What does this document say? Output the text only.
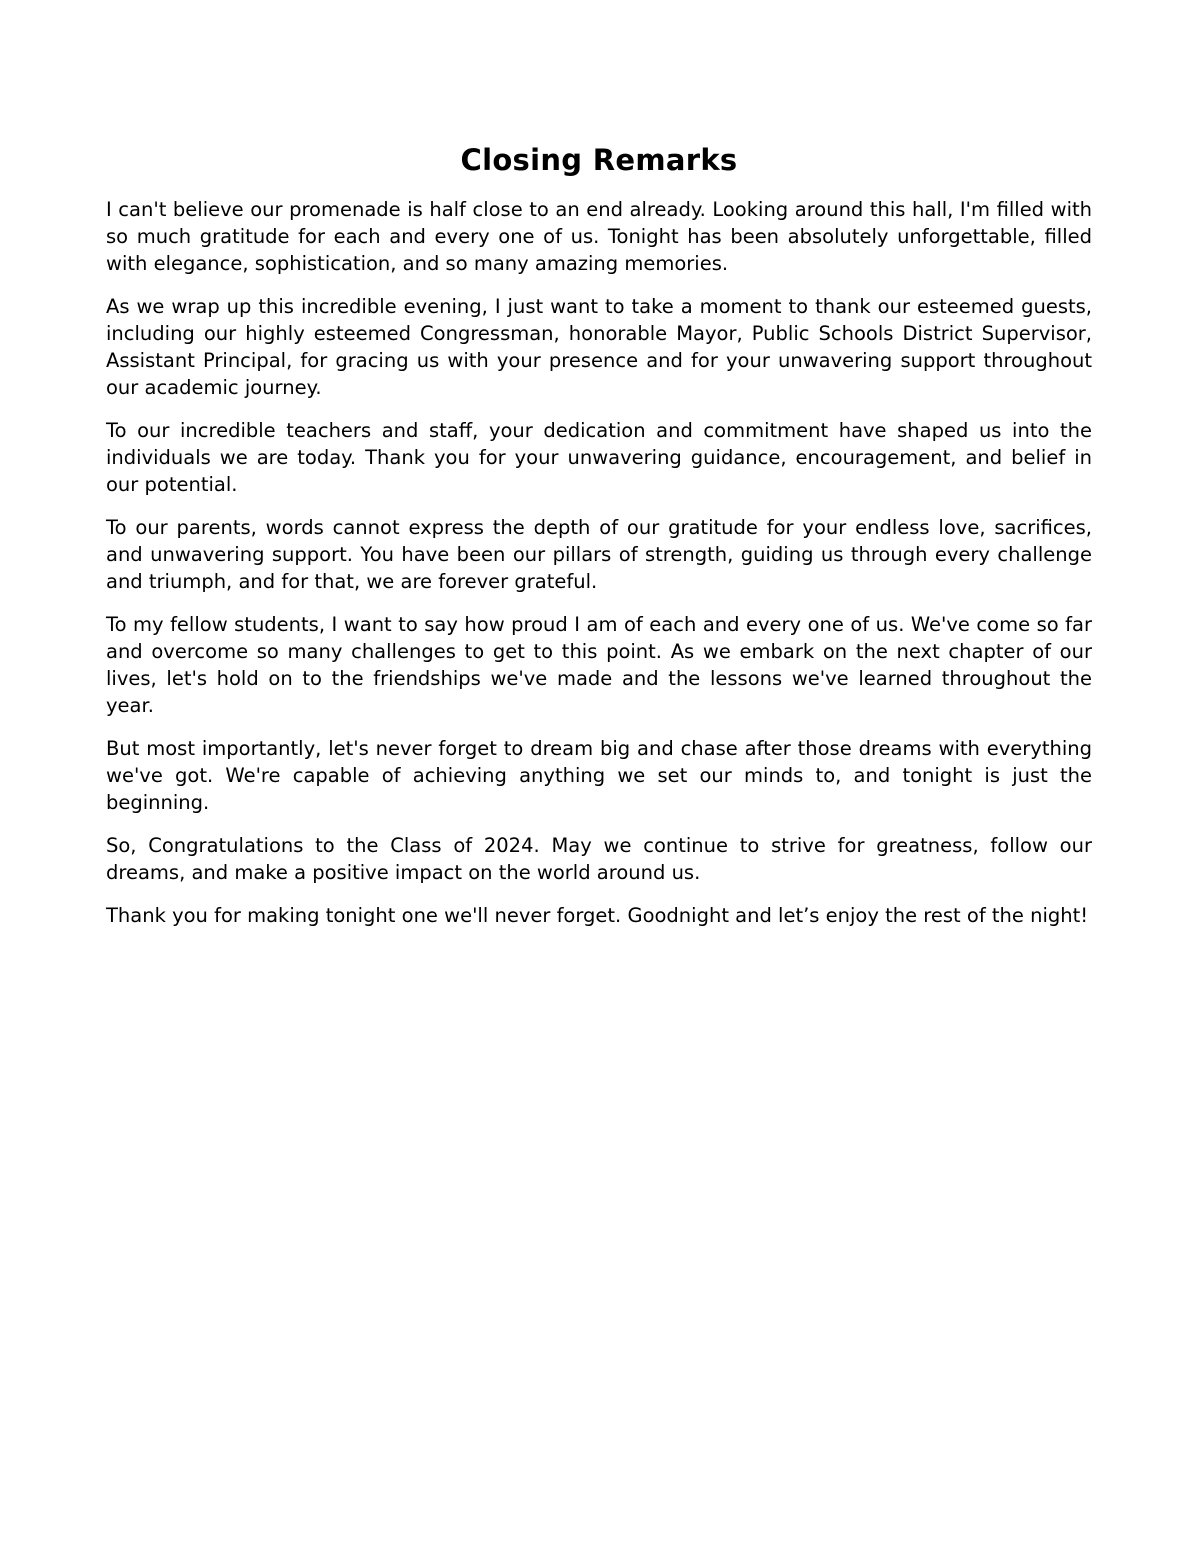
Closing Remarks

I can't believe our promenade is half close to an end already. Looking around this hall, I'm filled with so much gratitude for each and every one of us. Tonight has been absolutely unforgettable, filled with elegance, sophistication, and so many amazing memories.

As we wrap up this incredible evening, I just want to take a moment to thank our esteemed guests, including our highly esteemed Congressman, honorable Mayor, Public Schools District Supervisor, Assistant Principal, for gracing us with your presence and for your unwavering support throughout our academic journey.

To our incredible teachers and staff, your dedication and commitment have shaped us into the individuals we are today. Thank you for your unwavering guidance, encouragement, and belief in our potential.

To our parents, words cannot express the depth of our gratitude for your endless love, sacrifices, and unwavering support. You have been our pillars of strength, guiding us through every challenge and triumph, and for that, we are forever grateful.

To my fellow students, I want to say how proud I am of each and every one of us. We've come so far and overcome so many challenges to get to this point. As we embark on the next chapter of our lives, let's hold on to the friendships we've made and the lessons we've learned throughout the year.

But most importantly, let's never forget to dream big and chase after those dreams with everything we've got. We're capable of achieving anything we set our minds to, and tonight is just the beginning.

So, Congratulations to the Class of 2024. May we continue to strive for greatness, follow our dreams, and make a positive impact on the world around us.

Thank you for making tonight one we'll never forget. Goodnight and let’s enjoy the rest of the night!
